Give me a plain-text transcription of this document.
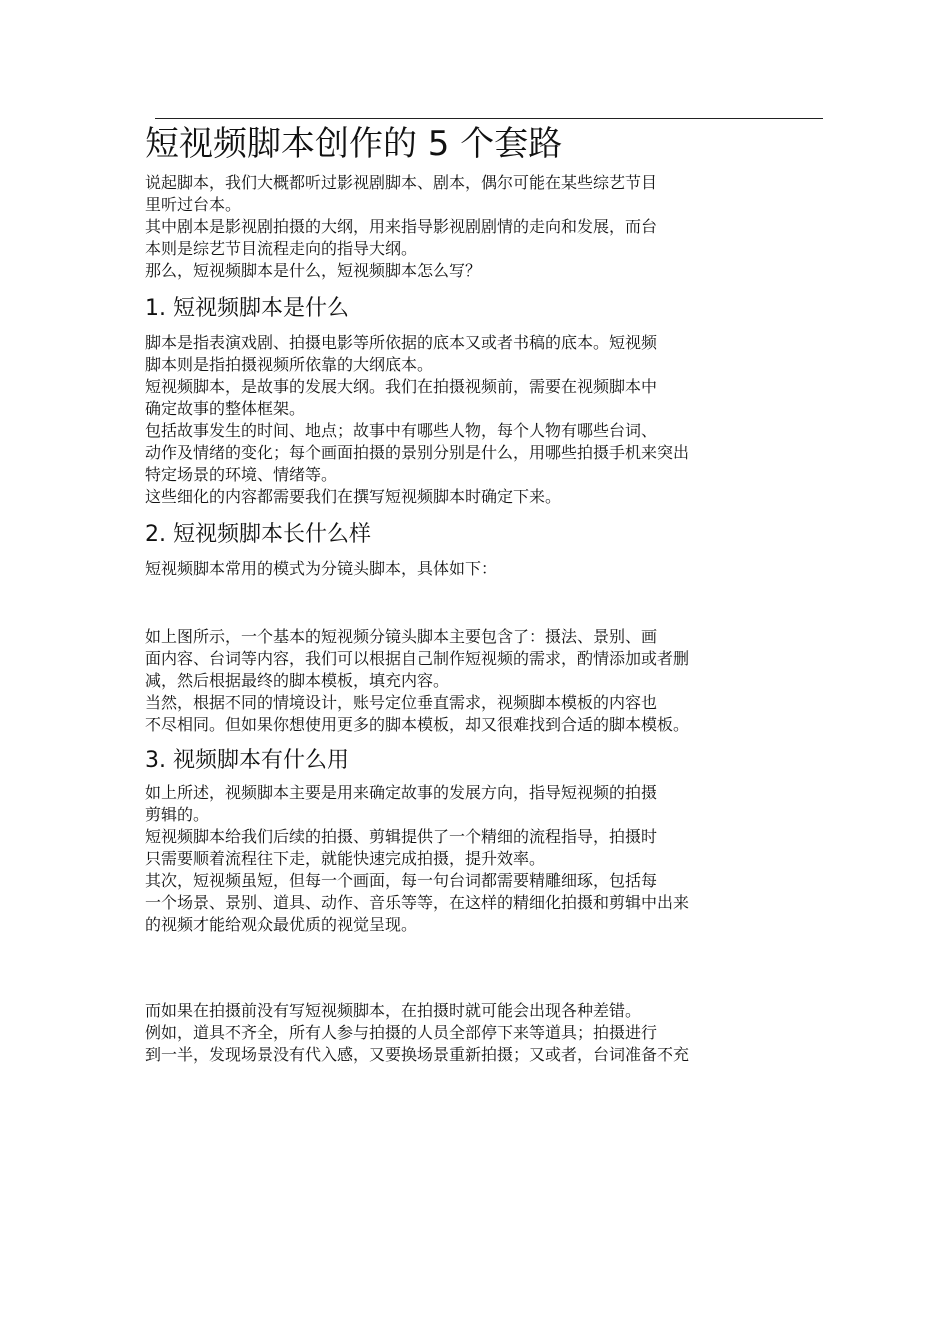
短视频脚本创作的 5 个套路

说起脚本，我们大概都听过影视剧脚本、剧本，偶尔可能在某些综艺节目
里听过台本。

其中剧本是影视剧拍摄的大纲，用来指导影视剧剧情的走向和发展，而台
本则是综艺节目流程走向的指导大纲。

那么，短视频脚本是什么，短视频脚本怎么写？

1. 短视频脚本是什么

脚本是指表演戏剧、拍摄电影等所依据的底本又或者书稿的底本。短视频
脚本则是指拍摄视频所依靠的大纲底本。

短视频脚本，是故事的发展大纲。我们在拍摄视频前，需要在视频脚本中
确定故事的整体框架。

包括故事发生的时间、地点；故事中有哪些人物，每个人物有哪些台词、
动作及情绪的变化；每个画面拍摄的景别分别是什么，用哪些拍摄手机来突出
特定场景的环境、情绪等。

这些细化的内容都需要我们在撰写短视频脚本时确定下来。

2. 短视频脚本长什么样

短视频脚本常用的模式为分镜头脚本，具体如下：

如上图所示，一个基本的短视频分镜头脚本主要包含了：摄法、景别、画
面内容、台词等内容，我们可以根据自己制作短视频的需求，酌情添加或者删
减，然后根据最终的脚本模板，填充内容。

当然，根据不同的情境设计，账号定位垂直需求，视频脚本模板的内容也
不尽相同。但如果你想使用更多的脚本模板，却又很难找到合适的脚本模板。

3. 视频脚本有什么用

如上所述，视频脚本主要是用来确定故事的发展方向，指导短视频的拍摄
剪辑的。

短视频脚本给我们后续的拍摄、剪辑提供了一个精细的流程指导，拍摄时
只需要顺着流程往下走，就能快速完成拍摄，提升效率。

其次，短视频虽短，但每一个画面，每一句台词都需要精雕细琢，包括每
一个场景、景别、道具、动作、音乐等等，在这样的精细化拍摄和剪辑中出来
的视频才能给观众最优质的视觉呈现。

而如果在拍摄前没有写短视频脚本，在拍摄时就可能会出现各种差错。

例如，道具不齐全，所有人参与拍摄的人员全部停下来等道具；拍摄进行
到一半，发现场景没有代入感，又要换场景重新拍摄；又或者，台词准备不充
